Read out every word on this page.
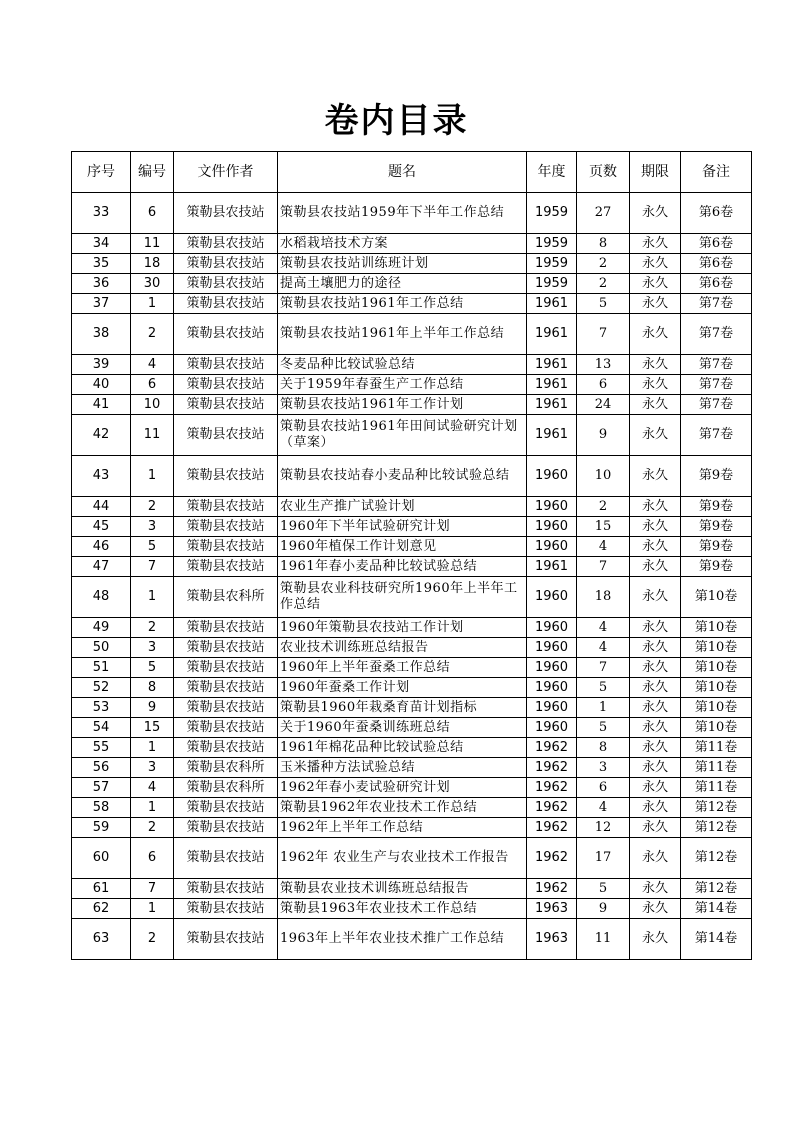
卷内目录
序号	编号	文件作者	题名	年度	页数	期限	备注
33	6	策勒县农技站	策勒县农技站1959年下半年工作总结	1959	27	永久	第6卷
34	11	策勒县农技站	水稻栽培技术方案	1959	8	永久	第6卷
35	18	策勒县农技站	策勒县农技站训练班计划	1959	2	永久	第6卷
36	30	策勒县农技站	提高土壤肥力的途径	1959	2	永久	第6卷
37	1	策勒县农技站	策勒县农技站1961年工作总结	1961	5	永久	第7卷
38	2	策勒县农技站	策勒县农技站1961年上半年工作总结	1961	7	永久	第7卷
39	4	策勒县农技站	冬麦品种比较试验总结	1961	13	永久	第7卷
40	6	策勒县农技站	关于1959年春蚕生产工作总结	1961	6	永久	第7卷
41	10	策勒县农技站	策勒县农技站1961年工作计划	1961	24	永久	第7卷
42	11	策勒县农技站	策勒县农技站1961年田间试验研究计划（草案）	1961	9	永久	第7卷
43	1	策勒县农技站	策勒县农技站春小麦品种比较试验总结	1960	10	永久	第9卷
44	2	策勒县农技站	农业生产推广试验计划	1960	2	永久	第9卷
45	3	策勒县农技站	1960年下半年试验研究计划	1960	15	永久	第9卷
46	5	策勒县农技站	1960年植保工作计划意见	1960	4	永久	第9卷
47	7	策勒县农技站	1961年春小麦品种比较试验总结	1961	7	永久	第9卷
48	1	策勒县农科所	策勒县农业科技研究所1960年上半年工作总结	1960	18	永久	第10卷
49	2	策勒县农技站	1960年策勒县农技站工作计划	1960	4	永久	第10卷
50	3	策勒县农技站	农业技术训练班总结报告	1960	4	永久	第10卷
51	5	策勒县农技站	1960年上半年蚕桑工作总结	1960	7	永久	第10卷
52	8	策勒县农技站	1960年蚕桑工作计划	1960	5	永久	第10卷
53	9	策勒县农技站	策勒县1960年栽桑育苗计划指标	1960	1	永久	第10卷
54	15	策勒县农技站	关于1960年蚕桑训练班总结	1960	5	永久	第10卷
55	1	策勒县农技站	1961年棉花品种比较试验总结	1962	8	永久	第11卷
56	3	策勒县农科所	玉米播种方法试验总结	1962	3	永久	第11卷
57	4	策勒县农科所	1962年春小麦试验研究计划	1962	6	永久	第11卷
58	1	策勒县农技站	策勒县1962年农业技术工作总结	1962	4	永久	第12卷
59	2	策勒县农技站	1962年上半年工作总结	1962	12	永久	第12卷
60	6	策勒县农技站	1962年 农业生产与农业技术工作报告	1962	17	永久	第12卷
61	7	策勒县农技站	策勒县农业技术训练班总结报告	1962	5	永久	第12卷
62	1	策勒县农技站	策勒县1963年农业技术工作总结	1963	9	永久	第14卷
63	2	策勒县农技站	1963年上半年农业技术推广工作总结	1963	11	永久	第14卷
